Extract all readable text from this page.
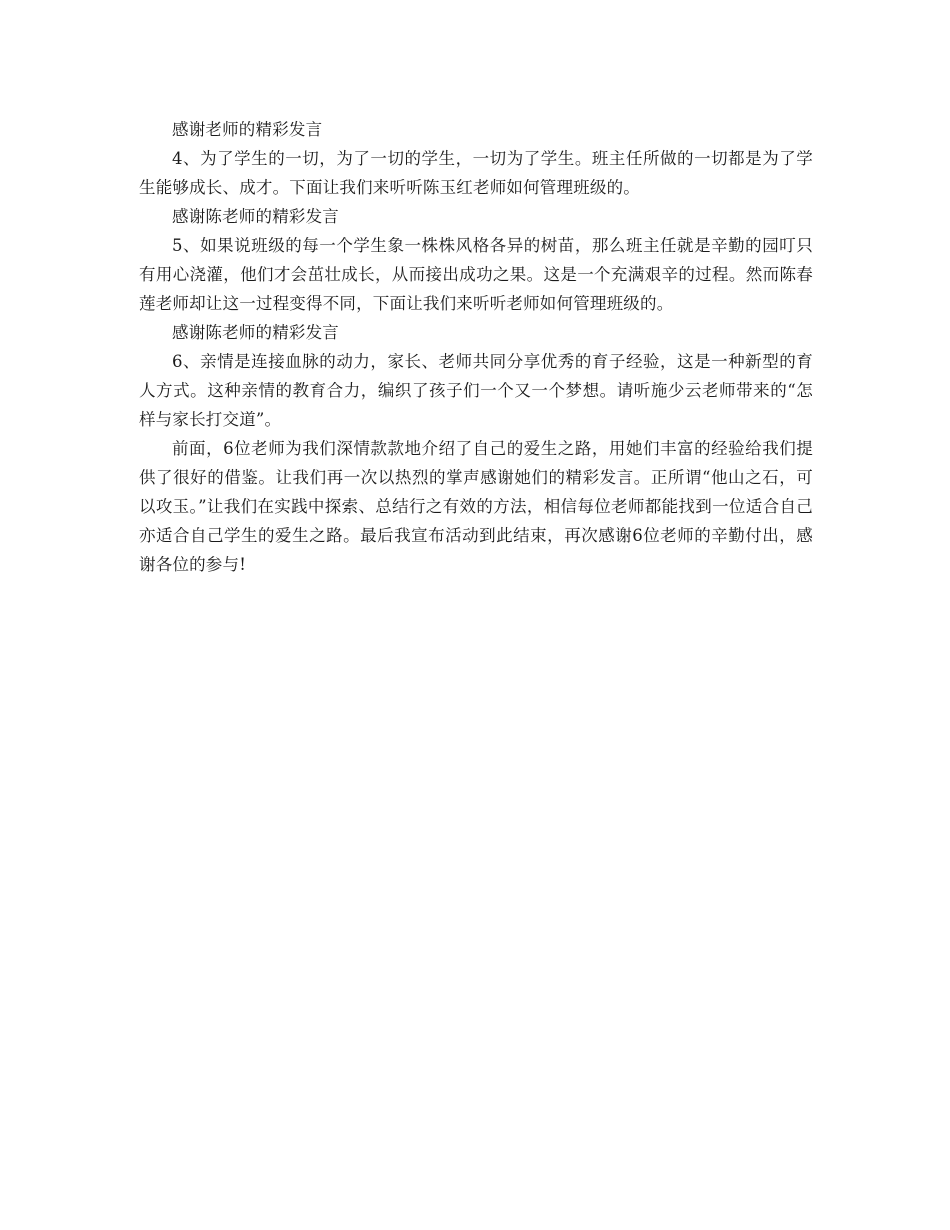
感谢老师的精彩发言

4、为了学生的一切，为了一切的学生，一切为了学生。班主任所做的一切都是为了学生能够成长、成才。下面让我们来听听陈玉红老师如何管理班级的。

感谢陈老师的精彩发言

5、如果说班级的每一个学生象一株株风格各异的树苗，那么班主任就是辛勤的园叮只有用心浇灌，他们才会茁壮成长，从而接出成功之果。这是一个充满艰辛的过程。然而陈春莲老师却让这一过程变得不同，下面让我们来听听老师如何管理班级的。

感谢陈老师的精彩发言

6、亲情是连接血脉的动力，家长、老师共同分享优秀的育子经验，这是一种新型的育人方式。这种亲情的教育合力，编织了孩子们一个又一个梦想。请听施少云老师带来的“怎样与家长打交道”。

前面，6位老师为我们深情款款地介绍了自己的爱生之路，用她们丰富的经验给我们提供了很好的借鉴。让我们再一次以热烈的掌声感谢她们的精彩发言。正所谓“他山之石，可以攻玉。”让我们在实践中探索、总结行之有效的方法，相信每位老师都能找到一位适合自己亦适合自己学生的爱生之路。最后我宣布活动到此结束，再次感谢6位老师的辛勤付出，感谢各位的参与!
